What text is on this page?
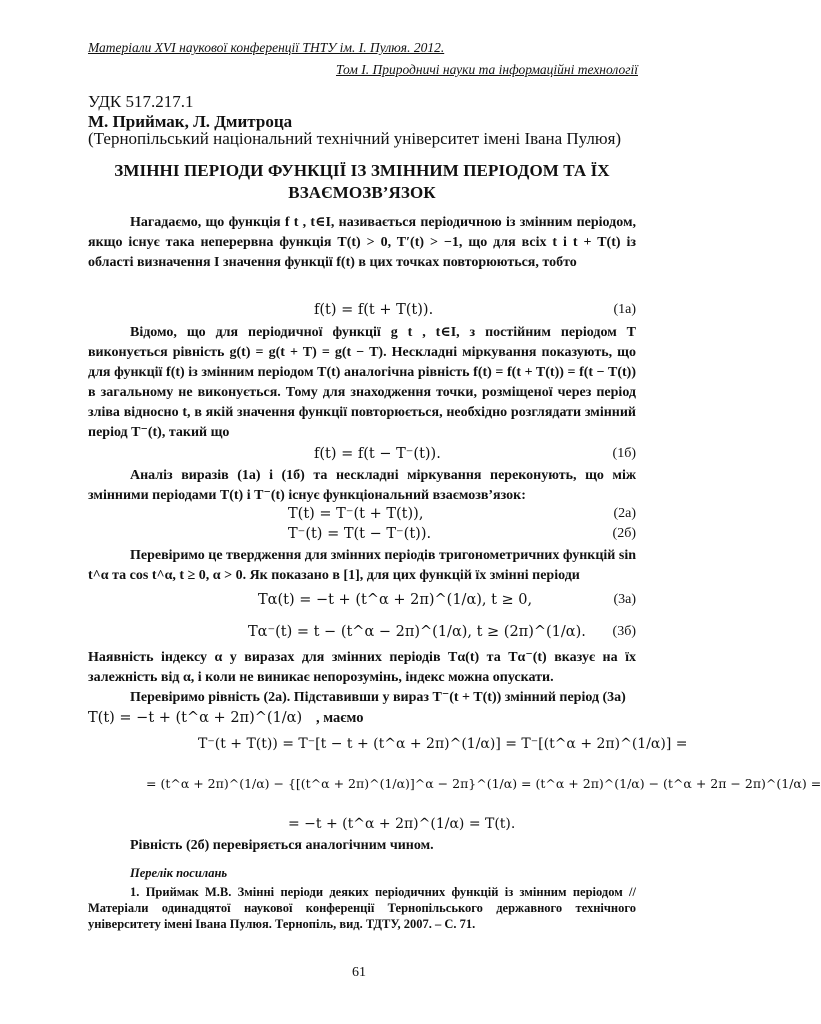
Матеріали XVI наукової конференції ТНТУ ім. І. Пулюя. 2012.
Том І. Природничі науки та інформаційні технології
УДК 517.217.1
М. Приймак, Л. Дмитроца
(Тернопільський національний технічний університет імені Івана Пулюя)
ЗМІННІ ПЕРІОДИ ФУНКЦІЇ ІЗ ЗМІННИМ ПЕРІОДОМ ТА ЇХ ВЗАЄМОЗВ’ЯЗОК

Нагадаємо, що функція f t , t∈I, називається періодичною із змінним періодом, якщо існує така неперервна функція T(t) > 0, T′(t) > −1, що для всіх t і t + T(t) із області визначення I значення функції f(t) в цих точках повторюються, тобто

f(t) = f(t + T(t)).	(1а)

Відомо, що для періодичної функції g t , t∈I, з постійним періодом T виконується рівність g(t) = g(t + T) = g(t − T). Нескладні міркування показують, що для функції f(t) із змінним періодом T(t) аналогічна рівність f(t) = f(t + T(t)) = f(t − T(t)) в загальному не виконується. Тому для знаходження точки, розміщеної через період зліва відносно t, в якій значення функції повторюється, необхідно розглядати змінний період T⁻(t), такий що

f(t) = f(t − T⁻(t)).	(1б)

Аналіз виразів (1а) і (1б) та нескладні міркування переконують, що між змінними періодами T(t) і T⁻(t) існує функціональний взаємозв’язок:

T(t) = T⁻(t + T(t)),	(2а)
T⁻(t) = T(t − T⁻(t)).	(2б)

Перевіримо це твердження для змінних періодів тригонометричних функцій sin t^α та cos t^α, t ≥ 0, α > 0. Як показано в [1], для цих функцій їх змінні періоди

Tα(t) = −t + (t^α + 2π)^(1/α), t ≥ 0,	(3а)
Tα⁻(t) = t − (t^α − 2π)^(1/α), t ≥ (2π)^(1/α). (3б)

Наявність індексу α у виразах для змінних періодів Tα(t) та Tα⁻(t) вказує на їх залежність від α, і коли не виникає непорозумінь, індекс можна опускати.

Перевіримо рівність (2а). Підставивши у вираз T⁻(t + T(t)) змінний період (3а)

T(t) = −t + (t^α + 2π)^(1/α) , маємо
T⁻(t + T(t)) = T⁻[t − t + (t^α + 2π)^(1/α)] = T⁻[(t^α + 2π)^(1/α)] =
= (t^α + 2π)^(1/α) − {[(t^α + 2π)^(1/α)]^α − 2π}^(1/α) = (t^α + 2π)^(1/α) − (t^α + 2π − 2π)^(1/α) =
= −t + (t^α + 2π)^(1/α) = T(t).

Рівність (2б) перевіряється аналогічним чином.

Перелік посилань

1. Приймак М.В. Змінні періоди деяких періодичних функцій із змінним періодом // Матеріали одинадцятої наукової конференції Тернопільського державного технічного університету імені Івана Пулюя. Тернопіль, вид. ТДТУ, 2007. – С. 71.

61
